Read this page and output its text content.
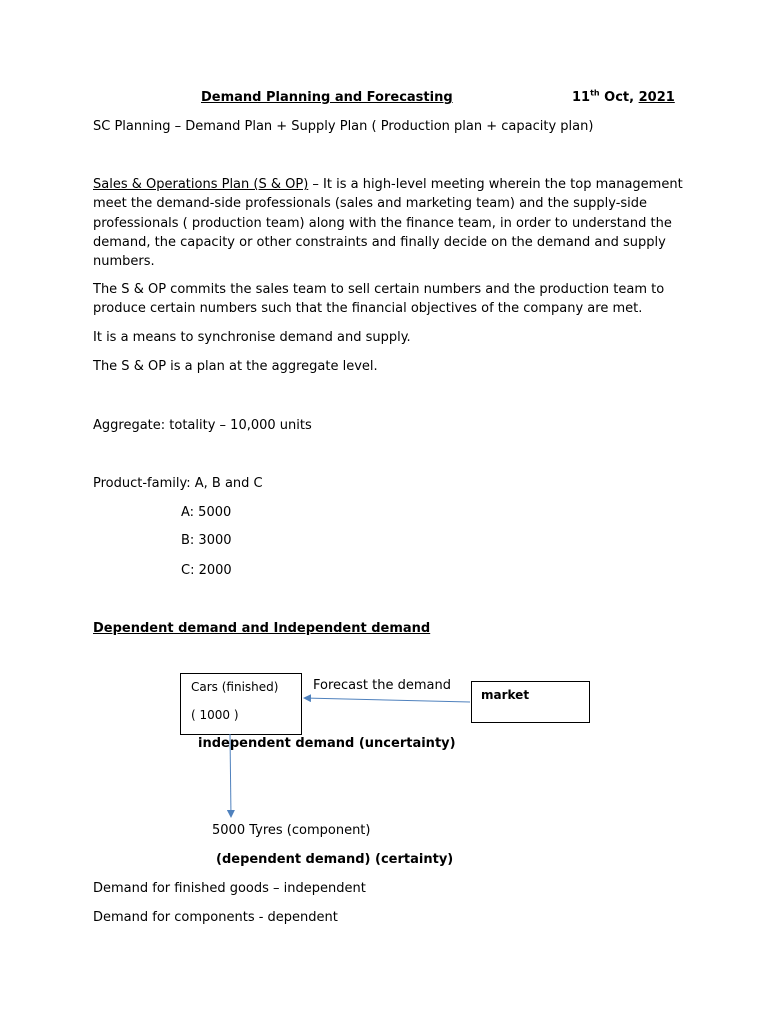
Demand Planning and Forecasting	11th Oct, 2021

SC Planning – Demand Plan + Supply Plan ( Production plan + capacity plan)

Sales & Operations Plan (S & OP) – It is a high-level meeting wherein the top management meet the demand-side professionals (sales and marketing team) and the supply-side professionals ( production team) along with the finance team, in order to understand the demand, the capacity or other constraints and finally decide on the demand and supply numbers.

The S & OP commits the sales team to sell certain numbers and the production team to produce certain numbers such that the financial objectives of the company are met.

It is a means to synchronise demand and supply.

The S & OP is a plan at the aggregate level.

Aggregate: totality – 10,000 units

Product-family: A, B and C

A: 5000

B: 3000

C: 2000

Dependent demand and Independent demand

Cars (finished)
( 1000 )

Forecast the demand

market

independent demand (uncertainty)

5000 Tyres (component)

(dependent demand) (certainty)

Demand for finished goods – independent

Demand for components - dependent
